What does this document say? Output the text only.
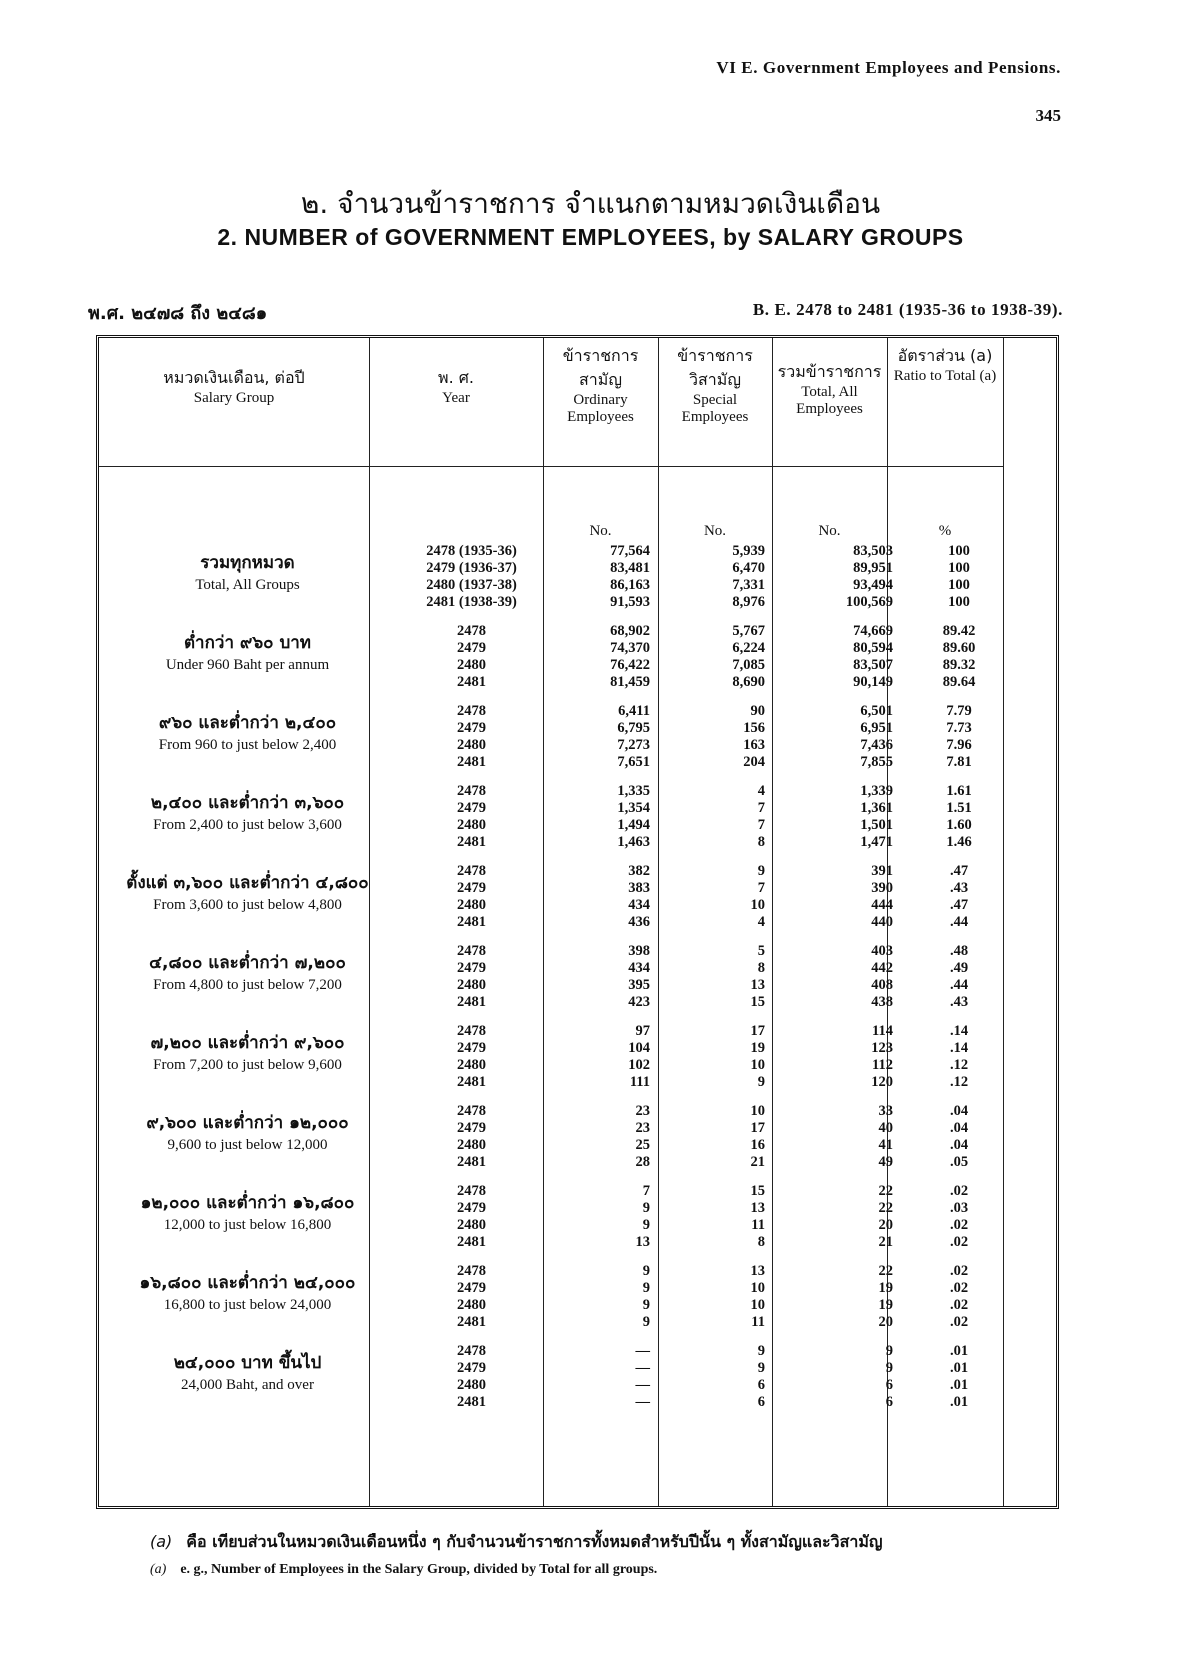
VI E. Government Employees and Pensions.
345
๒. จำนวนข้าราชการ จำแนกตามหมวดเงินเดือน
2. NUMBER of GOVERNMENT EMPLOYEES, by SALARY GROUPS
พ.ศ. ๒๔๗๘ ถึง ๒๔๘๑	B. E. 2478 to 2481 (1935-36 to 1938-39).
หมวดเงินเดือน, ต่อปี
Salary Group
พ. ศ.
Year
ข้าราชการ สามัญ
Ordinary Employees
ข้าราชการ วิสามัญ
Special Employees
รวมข้าราชการ
Total, All Employees
อัตราส่วน (a)
Ratio to Total (a)
No.	No.	No.	%
รวมทุกหมวด
Total, All Groups
2478 (1935-36)	77,564	5,939	83,503	100
2479 (1936-37)	83,481	6,470	89,951	100
2480 (1937-38)	86,163	7,331	93,494	100
2481 (1938-39)	91,593	8,976	100,569	100
ต่ำกว่า ๙๖๐ บาท
Under 960 Baht per annum
2478	68,902	5,767	74,669	89.42
2479	74,370	6,224	80,594	89.60
2480	76,422	7,085	83,507	89.32
2481	81,459	8,690	90,149	89.64
๙๖๐ และต่ำกว่า ๒,๔๐๐
From 960 to just below 2,400
2478	6,411	90	6,501	7.79
2479	6,795	156	6,951	7.73
2480	7,273	163	7,436	7.96
2481	7,651	204	7,855	7.81
๒,๔๐๐ และต่ำกว่า ๓,๖๐๐
From 2,400 to just below 3,600
2478	1,335	4	1,339	1.61
2479	1,354	7	1,361	1.51
2480	1,494	7	1,501	1.60
2481	1,463	8	1,471	1.46
ตั้งแต่ ๓,๖๐๐ และต่ำกว่า ๔,๘๐๐
From 3,600 to just below 4,800
2478	382	9	391	.47
2479	383	7	390	.43
2480	434	10	444	.47
2481	436	4	440	.44
๔,๘๐๐ และต่ำกว่า ๗,๒๐๐
From 4,800 to just below 7,200
2478	398	5	403	.48
2479	434	8	442	.49
2480	395	13	408	.44
2481	423	15	438	.43
๗,๒๐๐ และต่ำกว่า ๙,๖๐๐
From 7,200 to just below 9,600
2478	97	17	114	.14
2479	104	19	123	.14
2480	102	10	112	.12
2481	111	9	120	.12
๙,๖๐๐ และต่ำกว่า ๑๒,๐๐๐
9,600 to just below 12,000
2478	23	10	33	.04
2479	23	17	40	.04
2480	25	16	41	.04
2481	28	21	49	.05
๑๒,๐๐๐ และต่ำกว่า ๑๖,๘๐๐
12,000 to just below 16,800
2478	7	15	22	.02
2479	9	13	22	.03
2480	9	11	20	.02
2481	13	8	21	.02
๑๖,๘๐๐ และต่ำกว่า ๒๔,๐๐๐
16,800 to just below 24,000
2478	9	13	22	.02
2479	9	10	19	.02
2480	9	10	19	.02
2481	9	11	20	.02
๒๔,๐๐๐ บาท ขึ้นไป
24,000 Baht, and over
2478	—	9	9	.01
2479	—	9	9	.01
2480	—	6	6	.01
2481	—	6	6	.01
(a) คือ เทียบส่วนในหมวดเงินเดือนหนึ่ง ๆ กับจำนวนข้าราชการทั้งหมดสำหรับปีนั้น ๆ ทั้งสามัญและวิสามัญ
(a) e. g., Number of Employees in the Salary Group, divided by Total for all groups.
